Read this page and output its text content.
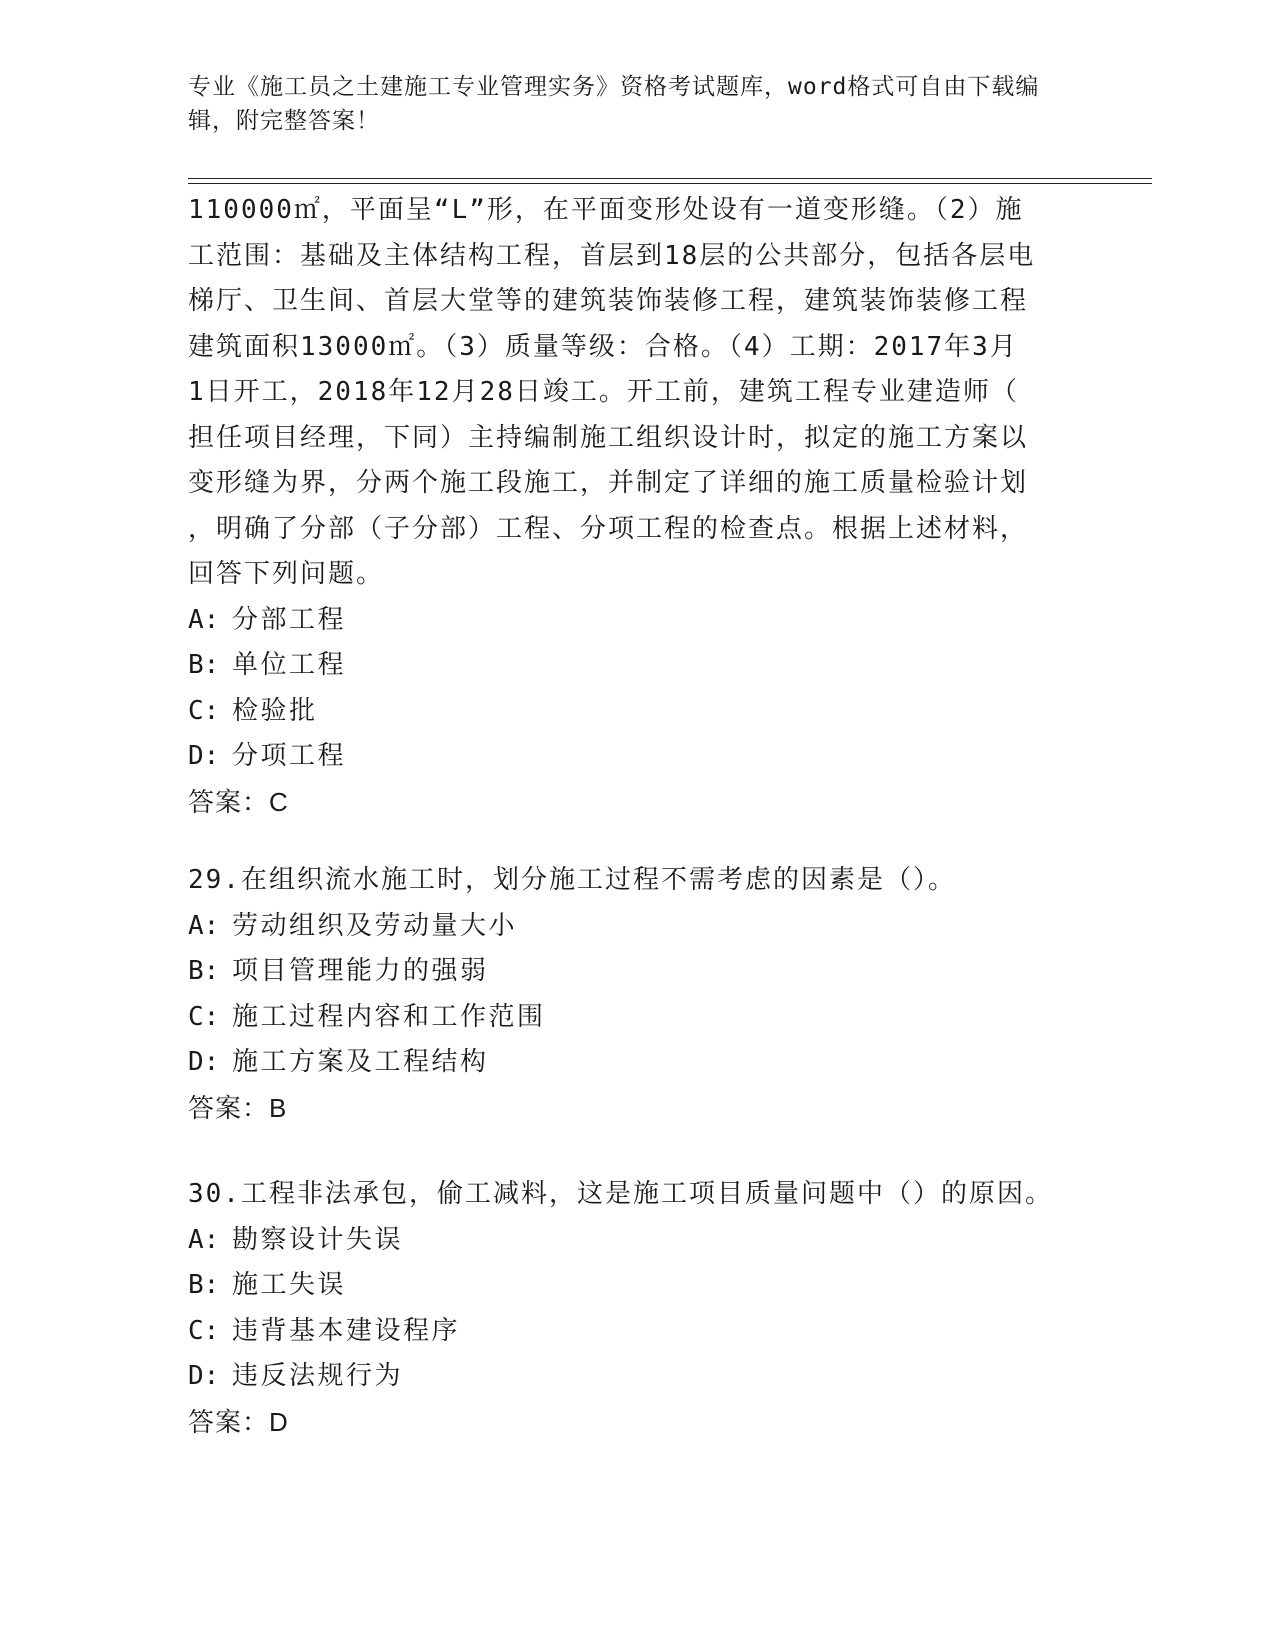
专业《施工员之土建施工专业管理实务》资格考试题库，word格式可自由下载编
辑，附完整答案！

110000㎡，平面呈“L”形，在平面变形处设有一道变形缝。（2）施

工范围：基础及主体结构工程，首层到18层的公共部分，包括各层电

梯厅、卫生间、首层大堂等的建筑装饰装修工程，建筑装饰装修工程

建筑面积13000㎡。（3）质量等级：合格。（4）工期：2017年3月

1日开工，2018年12月28日竣工。开工前，建筑工程专业建造师（

担任项目经理，下同）主持编制施工组织设计时，拟定的施工方案以

变形缝为界，分两个施工段施工，并制定了详细的施工质量检验计划

，明确了分部（子分部）工程、分项工程的检查点。根据上述材料，

回答下列问题。

A: 分部工程

B: 单位工程

C: 检验批

D: 分项工程

答案：C

29.在组织流水施工时，划分施工过程不需考虑的因素是（）。

A: 劳动组织及劳动量大小

B: 项目管理能力的强弱

C: 施工过程内容和工作范围

D: 施工方案及工程结构

答案：B

30.工程非法承包，偷工减料，这是施工项目质量问题中（）的原因。

A: 勘察设计失误

B: 施工失误

C: 违背基本建设程序

D: 违反法规行为

答案：D
